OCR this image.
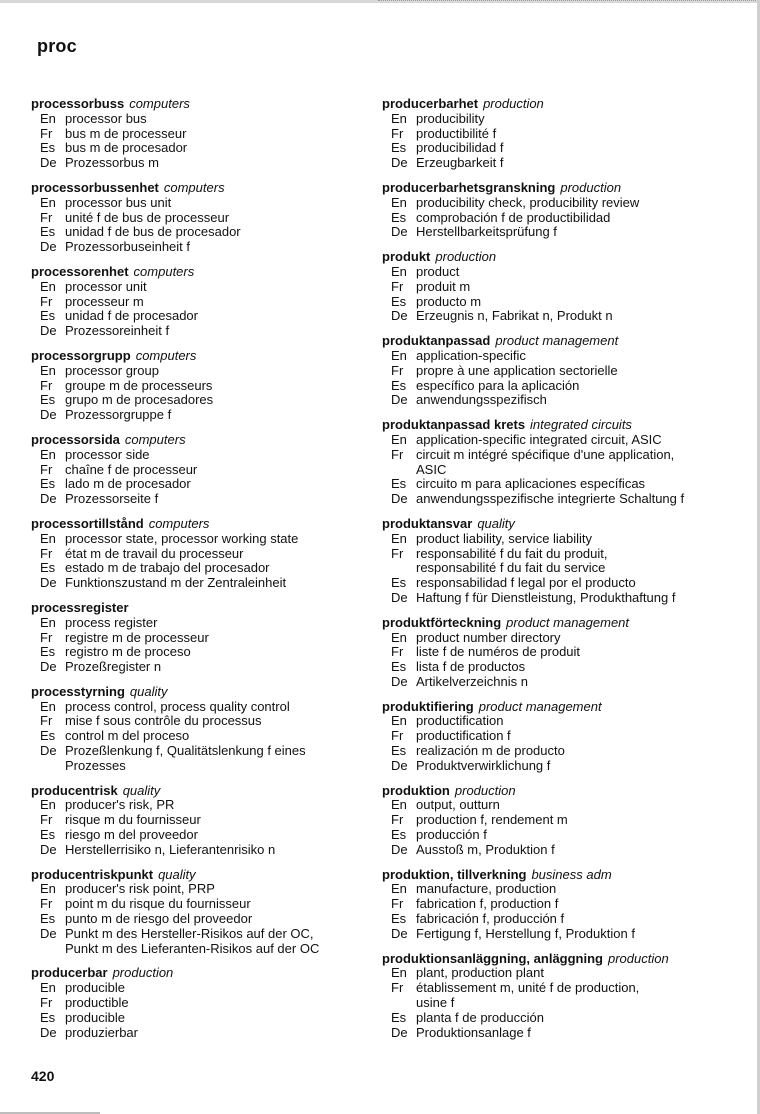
proc
processorbuss computers
En processor bus
Fr bus m de processeur
Es bus m de procesador
De Prozessorbus m
processorbussenhet computers
En processor bus unit
Fr unité f de bus de processeur
Es unidad f de bus de procesador
De Prozessorbuseinheit f
processorenhet computers
En processor unit
Fr processeur m
Es unidad f de procesador
De Prozessoreinheit f
processorgrupp computers
En processor group
Fr groupe m de processeurs
Es grupo m de procesadores
De Prozessorgruppe f
processorsida computers
En processor side
Fr chaîne f de processeur
Es lado m de procesador
De Prozessorseite f
processortillstånd computers
En processor state, processor working state
Fr état m de travail du processeur
Es estado m de trabajo del procesador
De Funktionszustand m der Zentraleinheit
processregister
En process register
Fr registre m de processeur
Es registro m de proceso
De Prozeßregister n
processtyrning quality
En process control, process quality control
Fr mise f sous contrôle du processus
Es control m del proceso
De Prozeßlenkung f, Qualitätslenkung f eines
Prozesses
producentrisk quality
En producer's risk, PR
Fr risque m du fournisseur
Es riesgo m del proveedor
De Herstellerrisiko n, Lieferantenrisiko n
producentriskpunkt quality
En producer's risk point, PRP
Fr point m du risque du fournisseur
Es punto m de riesgo del proveedor
De Punkt m des Hersteller-Risikos auf der OC,
Punkt m des Lieferanten-Risikos auf der OC
producerbar production
En producible
Fr productible
Es producible
De produzierbar
producerbarhet production
En producibility
Fr productibilité f
Es producibilidad f
De Erzeugbarkeit f
producerbarhetsgranskning production
En producibility check, producibility review
Es comprobación f de productibilidad
De Herstellbarkeitsprüfung f
produkt production
En product
Fr produit m
Es producto m
De Erzeugnis n, Fabrikat n, Produkt n
produktanpassad product management
En application-specific
Fr propre à une application sectorielle
Es específico para la aplicación
De anwendungsspezifisch
produktanpassad krets integrated circuits
En application-specific integrated circuit, ASIC
Fr circuit m intégré spécifique d'une application,
ASIC
Es circuito m para aplicaciones específicas
De anwendungsspezifische integrierte Schaltung f
produktansvar quality
En product liability, service liability
Fr responsabilité f du fait du produit,
responsabilité f du fait du service
Es responsabilidad f legal por el producto
De Haftung f für Dienstleistung, Produkthaftung f
produktförteckning product management
En product number directory
Fr liste f de numéros de produit
Es lista f de productos
De Artikelverzeichnis n
produktifiering product management
En productification
Fr productification f
Es realización m de producto
De Produktverwirklichung f
produktion production
En output, outturn
Fr production f, rendement m
Es producción f
De Ausstoß m, Produktion f
produktion, tillverkning business adm
En manufacture, production
Fr fabrication f, production f
Es fabricación f, producción f
De Fertigung f, Herstellung f, Produktion f
produktionsanläggning, anläggning production
En plant, production plant
Fr établissement m, unité f de production,
usine f
Es planta f de producción
De Produktionsanlage f
420
